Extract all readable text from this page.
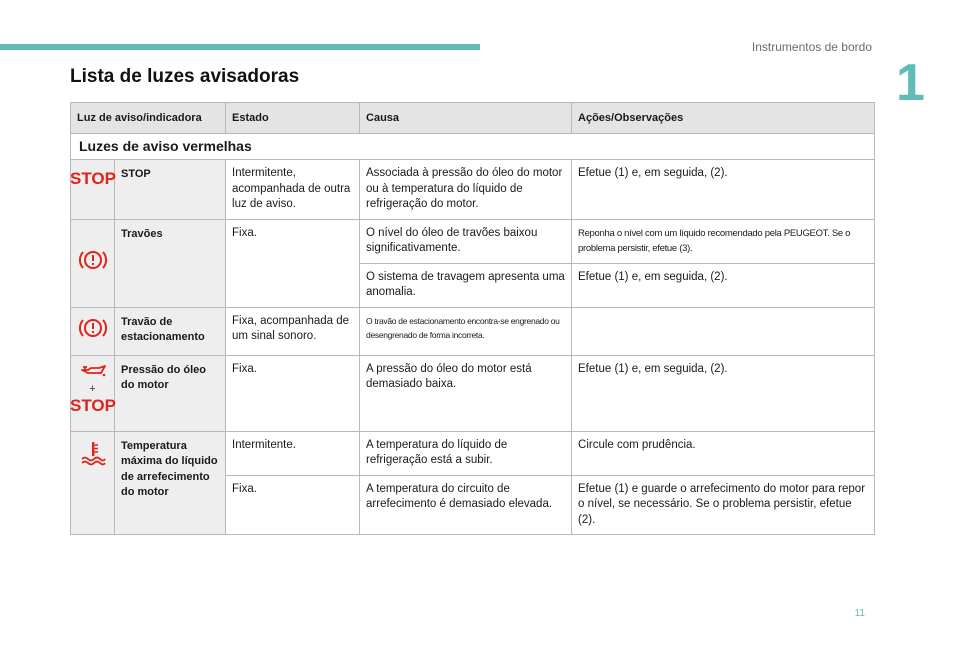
Instrumentos de bordo
1
Lista de luzes avisadoras
Luz de aviso/indicadora		Estado	Causa	Ações/Observações
Luzes de aviso vermelhas				

STOP	STOP	Intermitente, acompanhada de outra luz de aviso.	Associada à pressão do óleo do motor ou à temperatura do líquido de refrigeração do motor.	Efetue (1) e, em seguida, (2).
	Travões	Fixa.	O nível do óleo de travões baixou significativamente.	Reponha o nível com um líquido recomendado pela PEUGEOT. Se o problema persistir, efetue (3).
			O sistema de travagem apresenta uma anomalia.	Efetue (1) e, em seguida, (2).
	Travão de estacionamento	Fixa, acompanhada de um sinal sonoro.	O travão de estacionamento encontra-se engrenado ou desengrenado de forma incorreta.	

+
STOP	Pressão do óleo do motor	Fixa.	A pressão do óleo do motor está demasiado baixa.	Efetue (1) e, em seguida, (2).
	Temperatura máxima do líquido de arrefecimento do motor	Intermitente.	A temperatura do líquido de refrigeração está a subir.	Circule com prudência.
		Fixa.	A temperatura do circuito de arrefecimento é demasiado elevada.	Efetue (1) e guarde o arrefecimento do motor para repor o nível, se necessário. Se o problema persistir, efetue (2).
11
